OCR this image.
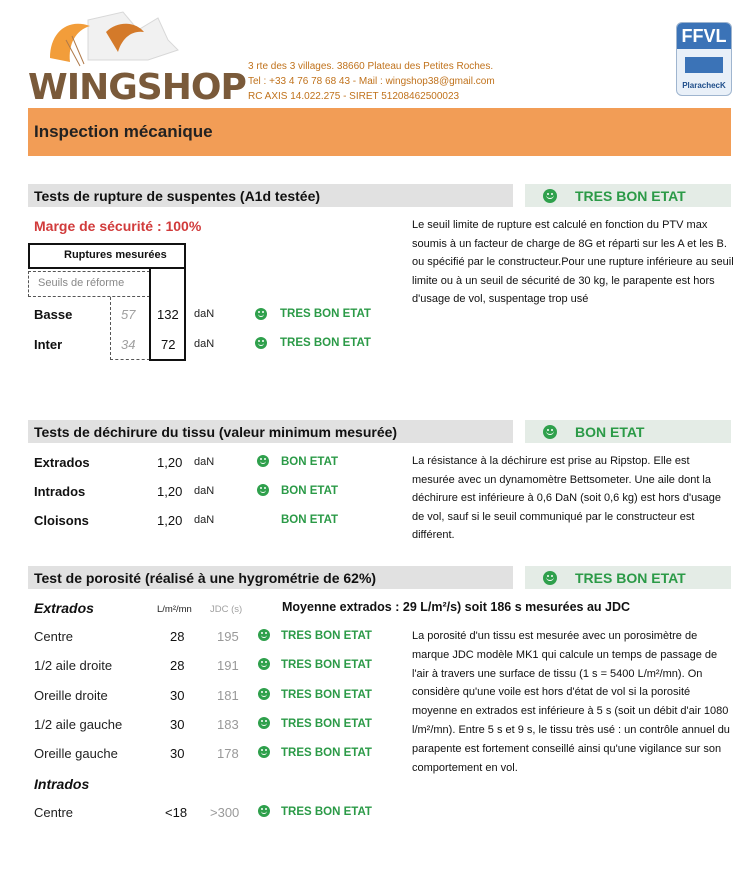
WINGSHOP
3 rte des 3 villages. 38660 Plateau des Petites Roches.
Tel : +33 4 76 78 68 43 - Mail : wingshop38@gmail.com
RC AXIS 14.022.275 - SIRET 51208462500023
FFVL
PlarachecK
Inspection mécanique
Tests de rupture de suspentes (A1d testée)	TRES BON ETAT
Marge de sécurité : 100%
Ruptures mesurées
Seuils de réforme
Basse	57 132 daN	TRES BON ETAT
Inter	34 72 daN	TRES BON ETAT
Le seuil limite de rupture est calculé en fonction du PTV max soumis à un facteur de charge de 8G et réparti sur les A et les B. ou spécifié par le constructeur.Pour une rupture inférieure au seuil limite ou à un seuil de sécurité de 30 kg, le parapente est hors d'usage de vol, suspentage trop usé
Tests de déchirure du tissu (valeur minimum mesurée)	BON ETAT
Extrados	1,20 daN	BON ETAT
Intrados	1,20 daN	BON ETAT
Cloisons	1,20 daN	BON ETAT
La résistance à la déchirure est prise au Ripstop. Elle est mesurée avec un dynamomètre Bettsometer. Une aile dont la déchirure est inférieure à 0,6 DaN (soit 0,6 kg) est hors d'usage de vol, sauf si le seuil communiqué par le constructeur est différent.
Test de porosité (réalisé à une hygrométrie de 62%)	TRES BON ETAT
Extrados	L/m²/mn JDC (s)	Moyenne extrados : 29 L/m²/s) soit 186 s mesurées au JDC
Centre	28	195	TRES BON ETAT
1/2 aile droite	28	191	TRES BON ETAT
Oreille droite	30	181	TRES BON ETAT
1/2 aile gauche	30	183	TRES BON ETAT
Oreille gauche	30	178	TRES BON ETAT
Intrados
Centre	<18 >300	TRES BON ETAT
La porosité d'un tissu est mesurée avec un porosimètre de marque JDC modèle MK1 qui calcule un temps de passage de l'air à travers une surface de tissu (1 s = 5400 L/m²/mn). On considère qu'une voile est hors d'état de vol si la porosité moyenne en extrados est inférieure à 5 s (soit un débit d'air 1080 l/m²/mn). Entre 5 s et 9 s, le tissu très usé : un contrôle annuel du parapente est fortement conseillé ainsi qu'une vigilance sur son comportement en vol.
